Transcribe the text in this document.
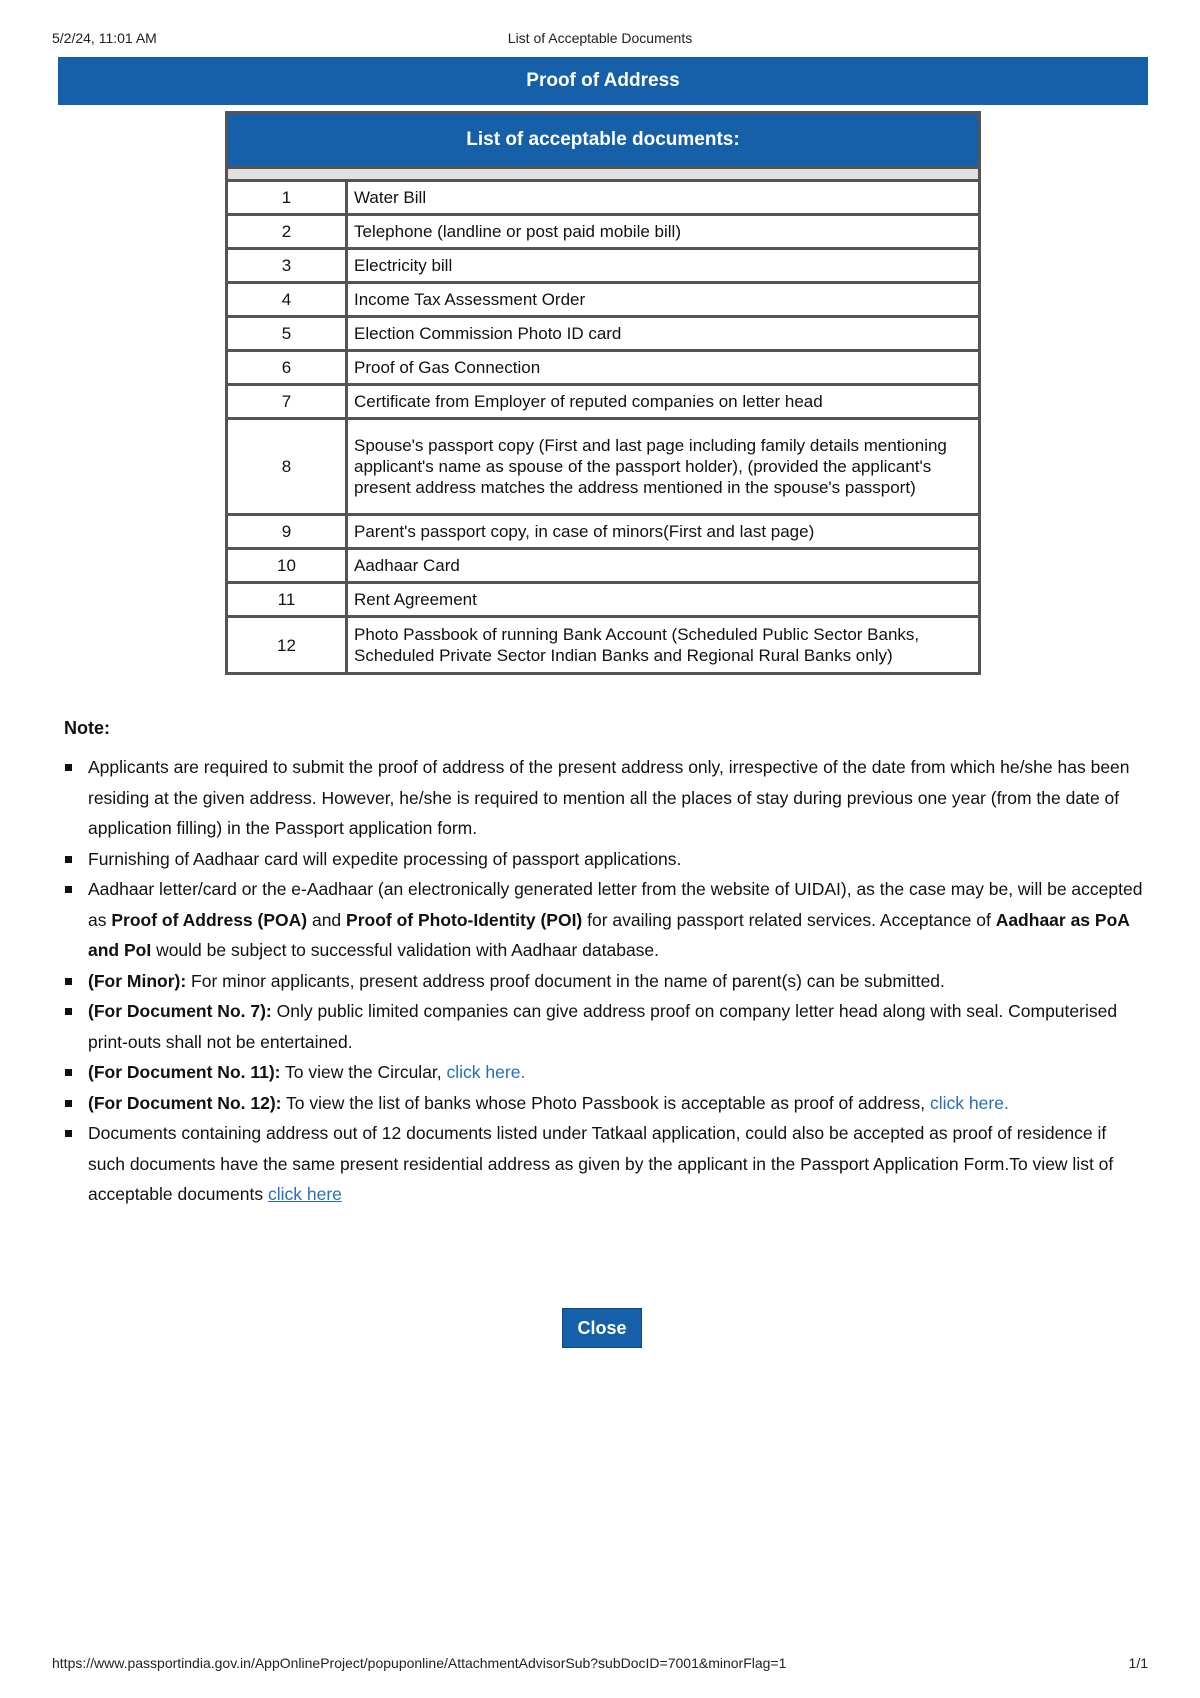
5/2/24, 11:01 AM	List of Acceptable Documents
Proof of Address
List of acceptable documents:	

1	Water Bill
2	Telephone (landline or post paid mobile bill)
3	Electricity bill
4	Income Tax Assessment Order
5	Election Commission Photo ID card
6	Proof of Gas Connection
7	Certificate from Employer of reputed companies on letter head
8	Spouse's passport copy (First and last page including family details mentioning applicant's name as spouse of the passport holder), (provided the applicant's present address matches the address mentioned in the spouse's passport)
9	Parent's passport copy, in case of minors(First and last page)
10	Aadhaar Card
11	Rent Agreement
12	Photo Passbook of running Bank Account (Scheduled Public Sector Banks, Scheduled Private Sector Indian Banks and Regional Rural Banks only)
Note:
Applicants are required to submit the proof of address of the present address only, irrespective of the date from which he/she has been residing at the given address. However, he/she is required to mention all the places of stay during previous one year (from the date of application filling) in the Passport application form.
Furnishing of Aadhaar card will expedite processing of passport applications.
Aadhaar letter/card or the e-Aadhaar (an electronically generated letter from the website of UIDAI), as the case may be, will be accepted as Proof of Address (POA) and Proof of Photo-Identity (POI) for availing passport related services. Acceptance of Aadhaar as PoA and PoI would be subject to successful validation with Aadhaar database.
(For Minor): For minor applicants, present address proof document in the name of parent(s) can be submitted.
(For Document No. 7): Only public limited companies can give address proof on company letter head along with seal. Computerised print-outs shall not be entertained.
(For Document No. 11): To view the Circular, click here.
(For Document No. 12): To view the list of banks whose Photo Passbook is acceptable as proof of address, click here.
Documents containing address out of 12 documents listed under Tatkaal application, could also be accepted as proof of residence if such documents have the same present residential address as given by the applicant in the Passport Application Form.To view list of acceptable documents click here
Close
https://www.passportindia.gov.in/AppOnlineProject/popuponline/AttachmentAdvisorSub?subDocID=7001&minorFlag=1	1/1
